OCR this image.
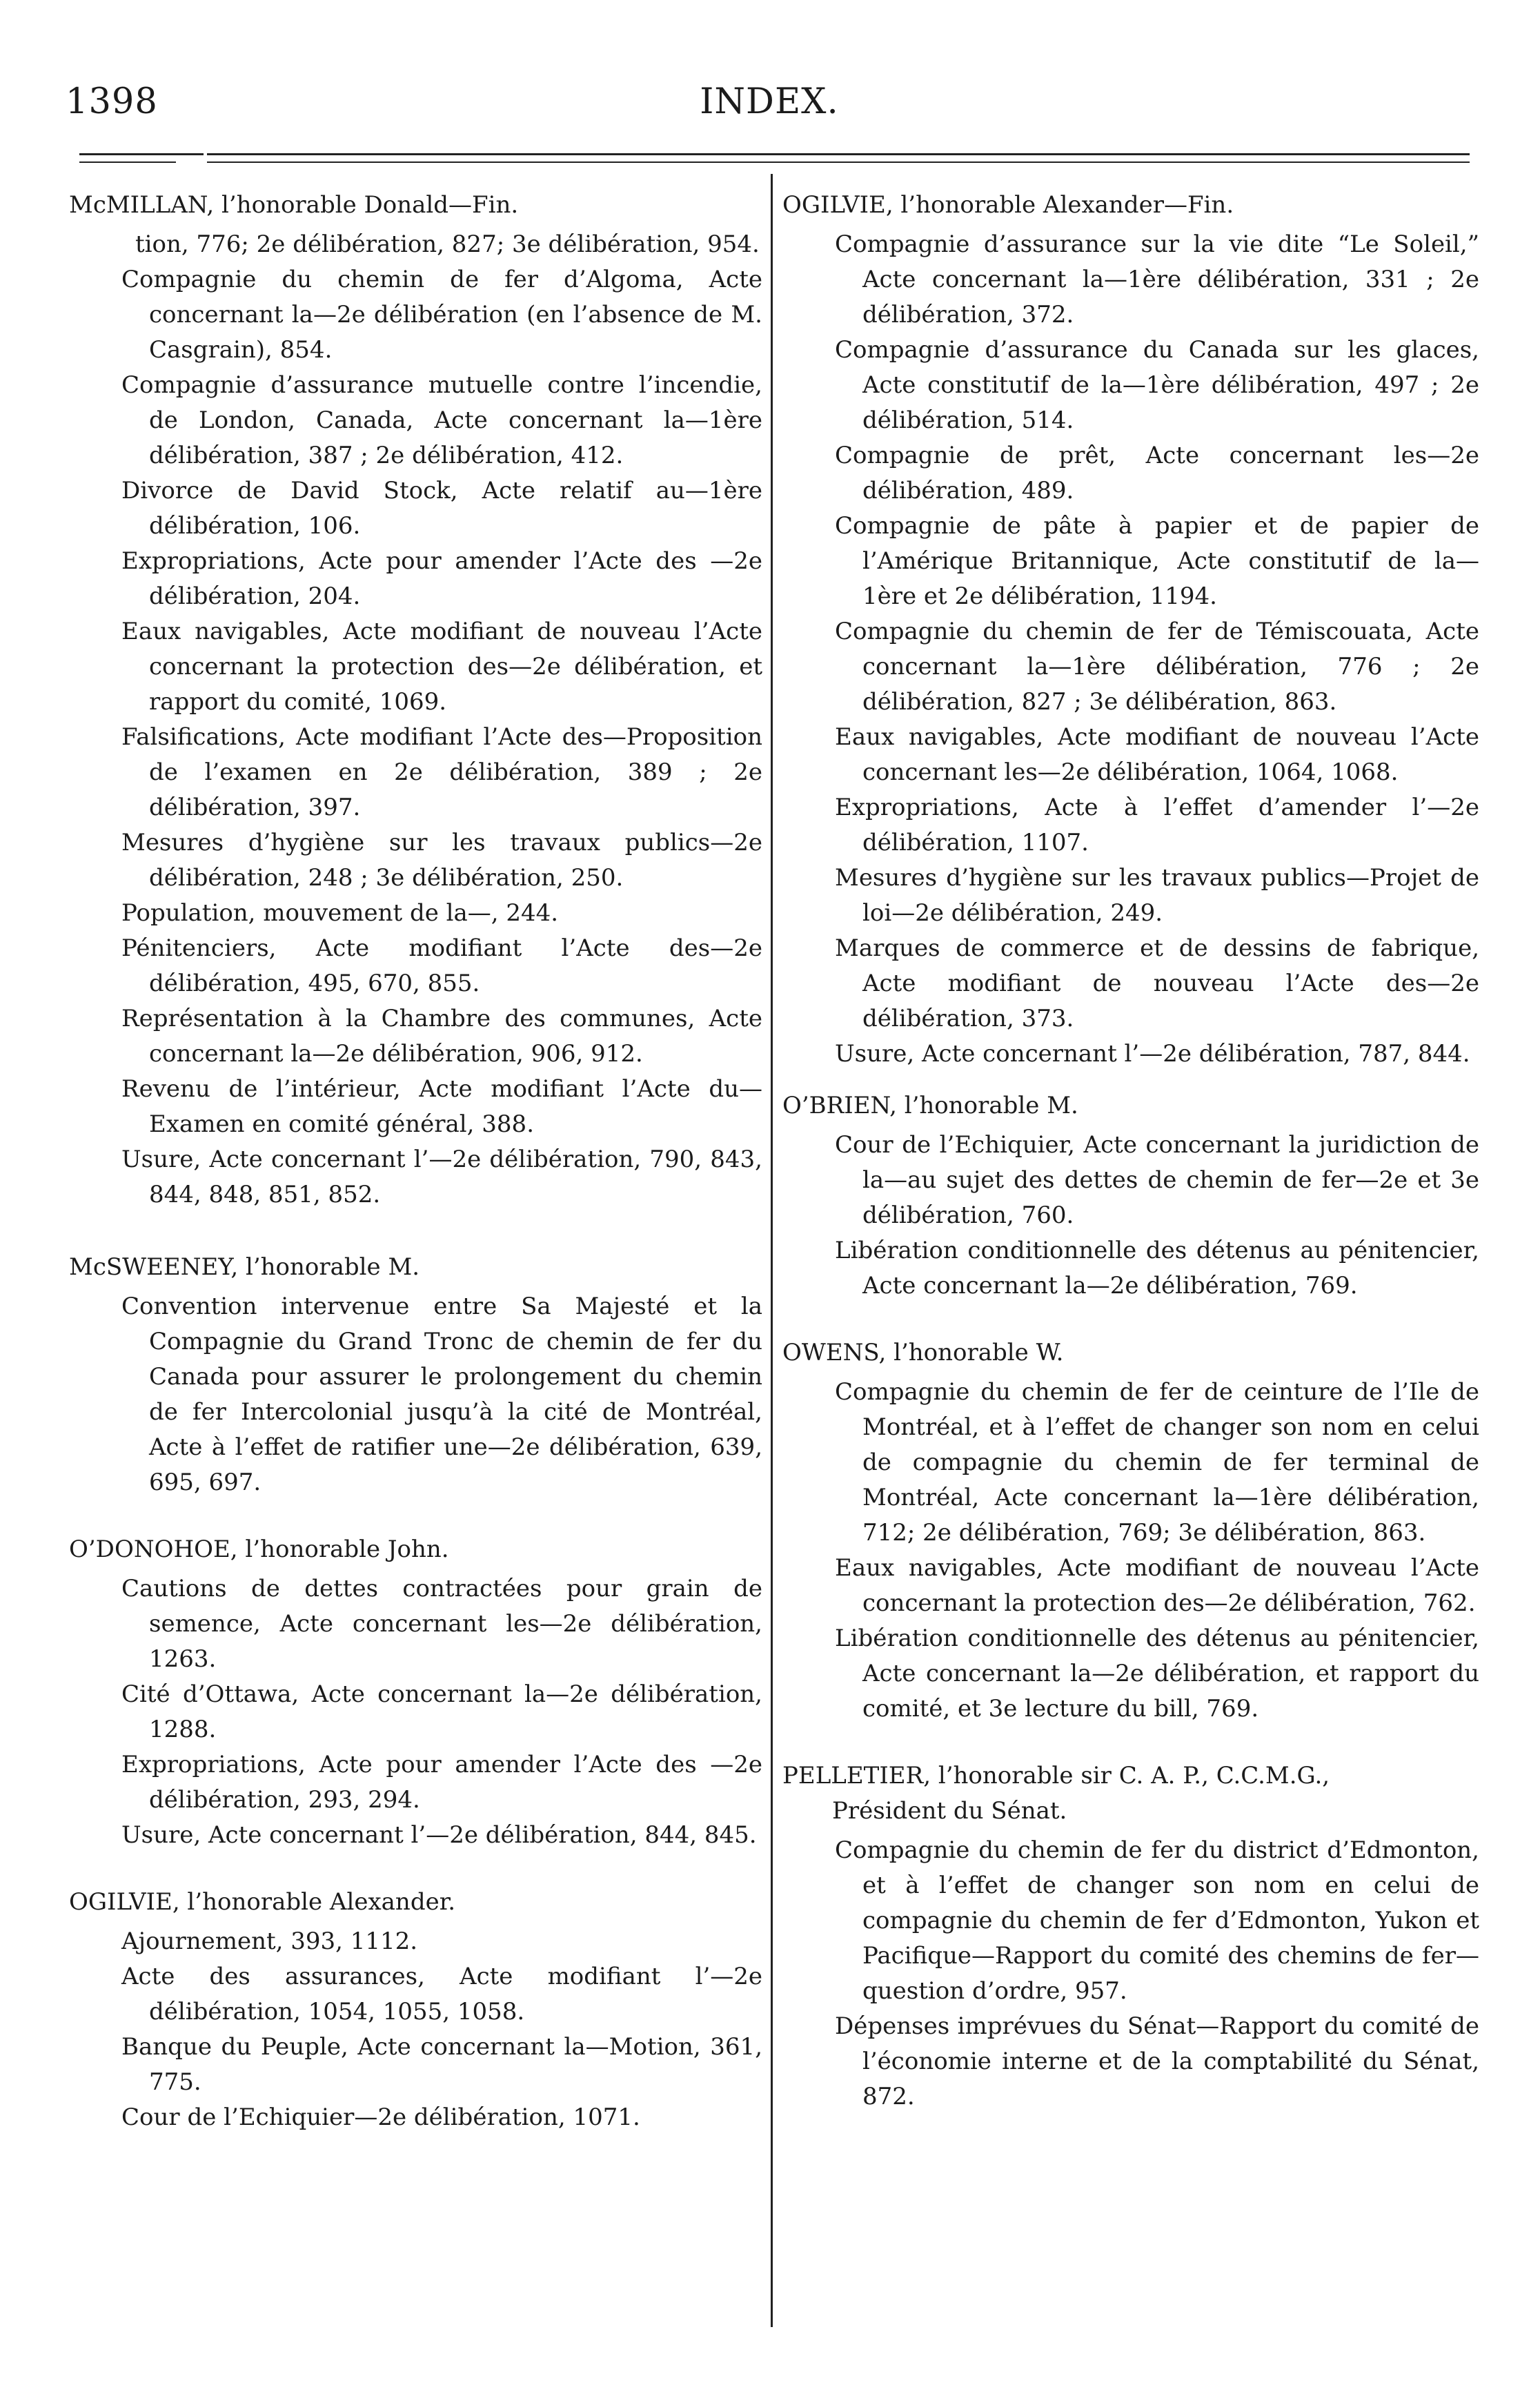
1398	INDEX.
McMILLAN, l’honorable Donald—Fin.
tion, 776; 2e délibération, 827; 3e délibération, 954.
Compagnie du chemin de fer d’Algoma, Acte concernant la—2e délibération (en l’absence de M. Casgrain), 854.
Compagnie d’assurance mutuelle contre l’incendie, de London, Canada, Acte concernant la—1ère délibération, 387 ; 2e délibération, 412.
Divorce de David Stock, Acte relatif au—1ère délibération, 106.
Expropriations, Acte pour amender l’Acte des —2e délibération, 204.
Eaux navigables, Acte modifiant de nouveau l’Acte concernant la protection des—2e délibération, et rapport du comité, 1069.
Falsifications, Acte modifiant l’Acte des—Proposition de l’examen en 2e délibération, 389 ; 2e délibération, 397.
Mesures d’hygiène sur les travaux publics—2e délibération, 248 ; 3e délibération, 250.
Population, mouvement de la—, 244.
Pénitenciers, Acte modifiant l’Acte des—2e délibération, 495, 670, 855.
Représentation à la Chambre des communes, Acte concernant la—2e délibération, 906, 912.
Revenu de l’intérieur, Acte modifiant l’Acte du—Examen en comité général, 388.
Usure, Acte concernant l’—2e délibération, 790, 843, 844, 848, 851, 852.
McSWEENEY, l’honorable M.
Convention intervenue entre Sa Majesté et la Compagnie du Grand Tronc de chemin de fer du Canada pour assurer le prolongement du chemin de fer Intercolonial jusqu’à la cité de Montréal, Acte à l’effet de ratifier une—2e délibération, 639, 695, 697.
O’DONOHOE, l’honorable John.
Cautions de dettes contractées pour grain de semence, Acte concernant les—2e délibération, 1263.
Cité d’Ottawa, Acte concernant la—2e délibération, 1288.
Expropriations, Acte pour amender l’Acte des —2e délibération, 293, 294.
Usure, Acte concernant l’—2e délibération, 844, 845.
OGILVIE, l’honorable Alexander.
Ajournement, 393, 1112.
Acte des assurances, Acte modifiant l’—2e délibération, 1054, 1055, 1058.
Banque du Peuple, Acte concernant la—Motion, 361, 775.
Cour de l’Echiquier—2e délibération, 1071.
OGILVIE, l’honorable Alexander—Fin.
Compagnie d’assurance sur la vie dite “Le Soleil,” Acte concernant la—1ère délibération, 331 ; 2e délibération, 372.
Compagnie d’assurance du Canada sur les glaces, Acte constitutif de la—1ère délibération, 497 ; 2e délibération, 514.
Compagnie de prêt, Acte concernant les—2e délibération, 489.
Compagnie de pâte à papier et de papier de l’Amérique Britannique, Acte constitutif de la—1ère et 2e délibération, 1194.
Compagnie du chemin de fer de Témiscouata, Acte concernant la—1ère délibération, 776 ; 2e délibération, 827 ; 3e délibération, 863.
Eaux navigables, Acte modifiant de nouveau l’Acte concernant les—2e délibération, 1064, 1068.
Expropriations, Acte à l’effet d’amender l’—2e délibération, 1107.
Mesures d’hygiène sur les travaux publics—Projet de loi—2e délibération, 249.
Marques de commerce et de dessins de fabrique, Acte modifiant de nouveau l’Acte des—2e délibération, 373.
Usure, Acte concernant l’—2e délibération, 787, 844.
O’BRIEN, l’honorable M.
Cour de l’Echiquier, Acte concernant la juridiction de la—au sujet des dettes de chemin de fer—2e et 3e délibération, 760.
Libération conditionnelle des détenus au pénitencier, Acte concernant la—2e délibération, 769.
OWENS, l’honorable W.
Compagnie du chemin de fer de ceinture de l’Ile de Montréal, et à l’effet de changer son nom en celui de compagnie du chemin de fer terminal de Montréal, Acte concernant la—1ère délibération, 712; 2e délibération, 769; 3e délibération, 863.
Eaux navigables, Acte modifiant de nouveau l’Acte concernant la protection des—2e délibération, 762.
Libération conditionnelle des détenus au pénitencier, Acte concernant la—2e délibération, et rapport du comité, et 3e lecture du bill, 769.
PELLETIER, l’honorable sir C. A. P., C.C.M.G.,
Président du Sénat.
Compagnie du chemin de fer du district d’Edmonton, et à l’effet de changer son nom en celui de compagnie du chemin de fer d’Edmonton, Yukon et Pacifique—Rapport du comité des chemins de fer—question d’ordre, 957.
Dépenses imprévues du Sénat—Rapport du comité de l’économie interne et de la comptabilité du Sénat, 872.
